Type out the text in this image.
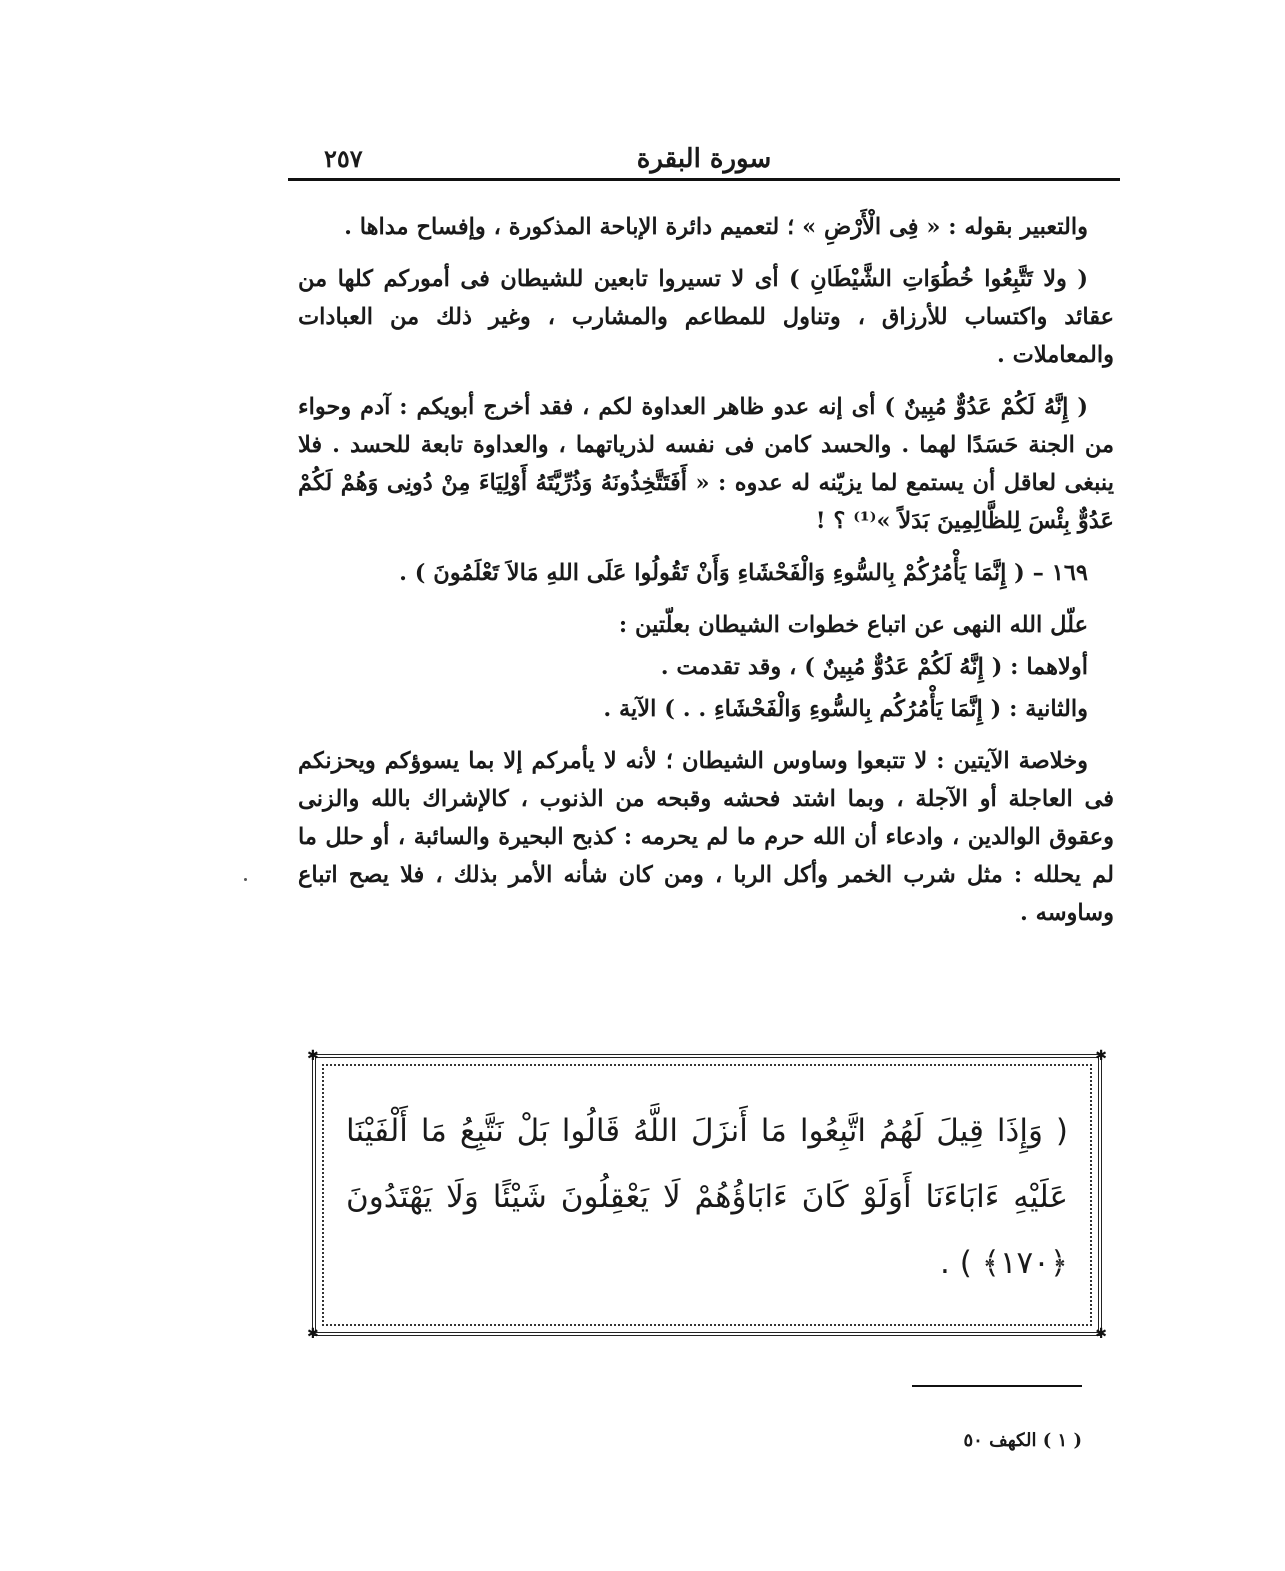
سورة البقرة
٢٥٧

والتعبير بقوله : « فِى الْأَرْضِ » ؛ لتعميم دائرة الإباحة المذكورة ، وإفساح مداها .

( ولا تَتَّبِعُوا خُطُوَاتِ الشَّيْطَانِ ) أى لا تسيروا تابعين للشيطان فى أموركم كلها من عقائد واكتساب للأرزاق ، وتناول للمطاعم والمشارب ، وغير ذلك من العبادات والمعاملات .

( إِنَّهُ لَكُمْ عَدُوٌّ مُبِينٌ ) أى إنه عدو ظاهر العداوة لكم ، فقد أخرج أبويكم : آدم وحواء من الجنة حَسَدًا لهما . والحسد كامن فى نفسه لذرياتهما ، والعداوة تابعة للحسد . فلا ينبغى لعاقل أن يستمع لما يزيّنه له عدوه : « أَفَتَتَّخِذُونَهُ وَذُرِّيَّتَهُ أَوْلِيَاءَ مِنْ دُونِى وَهُمْ لَكُمْ عَدُوٌّ بِئْسَ لِلظَّالِمِينَ بَدَلاً »⁽¹⁾ ؟ !

١٦٩ – ( إِنَّمَا يَأْمُرُكُمْ بِالسُّوءِ وَالْفَحْشَاءِ وَأَنْ تَقُولُوا عَلَى اللهِ مَالاَ تَعْلَمُونَ ) .

علّل الله النهى عن اتباع خطوات الشيطان بعلّتين :

أولاهما : ( إِنَّهُ لَكُمْ عَدُوٌّ مُبِينٌ ) ، وقد تقدمت .

والثانية : ( إِنَّمَا يَأْمُرُكُم بِالسُّوءِ وَالْفَحْشَاءِ . . ) الآية .

وخلاصة الآيتين : لا تتبعوا وساوس الشيطان ؛ لأنه لا يأمركم إلا بما يسوؤكم ويحزنكم فى العاجلة أو الآجلة ، وبما اشتد فحشه وقبحه من الذنوب ، كالإشراك بالله والزنى وعقوق الوالدين ، وادعاء أن الله حرم ما لم يحرمه : كذبح البحيرة والسائبة ، أو حلل ما لم يحلله : مثل شرب الخمر وأكل الربا ، ومن كان شأنه الأمر بذلك ، فلا يصح اتباع وساوسه .

✱	✱
✱	✱
( وَإِذَا قِيلَ لَهُمُ اتَّبِعُوا مَا أَنزَلَ اللَّهُ قَالُوا بَلْ نَتَّبِعُ مَا أَلْفَيْنَا عَلَيْهِ ءَابَاءَنَا أَوَلَوْ كَانَ ءَابَاؤُهُمْ لَا يَعْقِلُونَ شَيْئًا وَلَا يَهْتَدُونَ ﴿١٧٠﴾ ) .
( ١ ) الكهف ٥٠
